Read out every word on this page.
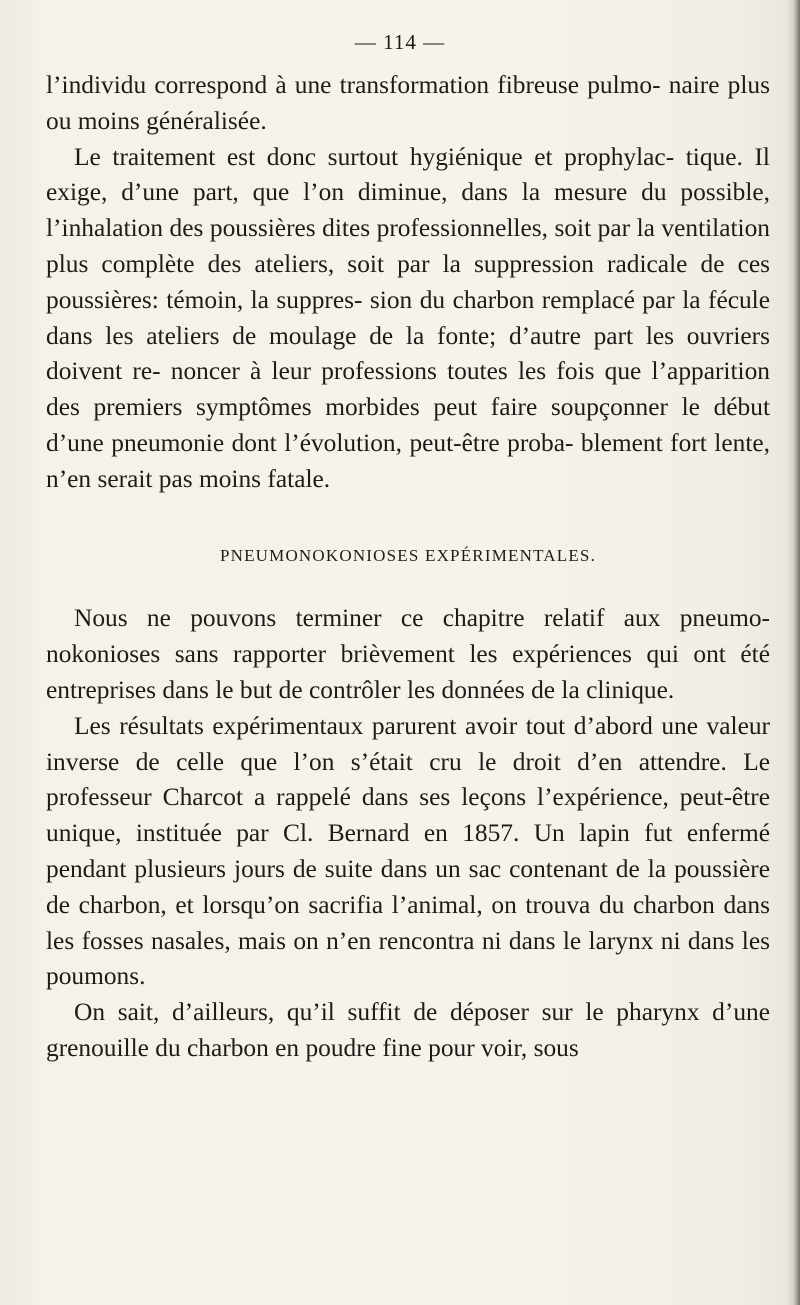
— 114 —

l’individu correspond à une transformation fibreuse pulmo- naire plus ou moins généralisée.

Le traitement est donc surtout hygiénique et prophylac- tique. Il exige, d’une part, que l’on diminue, dans la mesure du possible, l’inhalation des poussières dites professionnelles, soit par la ventilation plus complète des ateliers, soit par la suppression radicale de ces poussières: témoin, la suppres- sion du charbon remplacé par la fécule dans les ateliers de moulage de la fonte; d’autre part les ouvriers doivent re- noncer à leur professions toutes les fois que l’apparition des premiers symptômes morbides peut faire soupçonner le début d’une pneumonie dont l’évolution, peut-être proba- blement fort lente, n’en serait pas moins fatale.

PNEUMONOKONIOSES EXPÉRIMENTALES.

Nous ne pouvons terminer ce chapitre relatif aux pneumo- nokonioses sans rapporter brièvement les expériences qui ont été entreprises dans le but de contrôler les données de la clinique.

Les résultats expérimentaux parurent avoir tout d’abord une valeur inverse de celle que l’on s’était cru le droit d’en attendre. Le professeur Charcot a rappelé dans ses leçons l’expérience, peut-être unique, instituée par Cl. Bernard en 1857. Un lapin fut enfermé pendant plusieurs jours de suite dans un sac contenant de la poussière de charbon, et lorsqu’on sacrifia l’animal, on trouva du charbon dans les fosses nasales, mais on n’en rencontra ni dans le larynx ni dans les poumons.

On sait, d’ailleurs, qu’il suffit de déposer sur le pharynx d’une grenouille du charbon en poudre fine pour voir, sous
